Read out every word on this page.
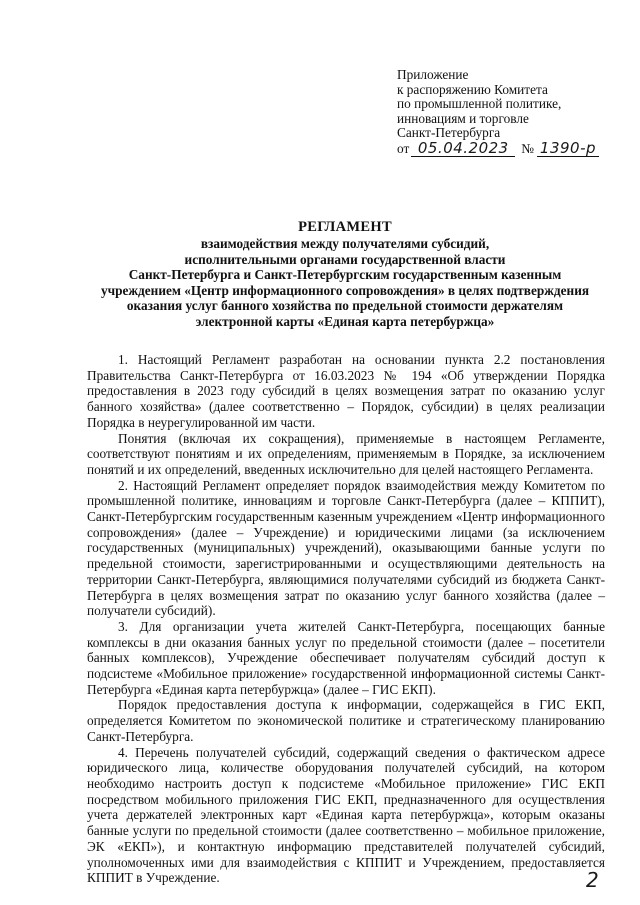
Приложение
к распоряжению Комитета
по промышленной политике,
инновациям и торговле
Санкт-Петербурга
от 05.04.2023 № 1390-р
РЕГЛАМЕНТ
взаимодействия между получателями субсидий,
исполнительными органами государственной власти
Санкт-Петербурга и Санкт-Петербургским государственным казенным
учреждением «Центр информационного сопровождения» в целях подтверждения
оказания услуг банного хозяйства по предельной стоимости держателям
электронной карты «Единая карта петербуржца»

1. Настоящий Регламент разработан на основании пункта 2.2 постановления Правительства Санкт-Петербурга от 16.03.2023 № 194 «Об утверждении Порядка предоставления в 2023 году субсидий в целях возмещения затрат по оказанию услуг банного хозяйства» (далее соответственно – Порядок, субсидии) в целях реализации Порядка в неурегулированной им части.

Понятия (включая их сокращения), применяемые в настоящем Регламенте, соответствуют понятиям и их определениям, применяемым в Порядке, за исключением понятий и их определений, введенных исключительно для целей настоящего Регламента.

2. Настоящий Регламент определяет порядок взаимодействия между Комитетом по промышленной политике, инновациям и торговле Санкт-Петербурга (далее – КППИТ), Санкт-Петербургским государственным казенным учреждением «Центр информационного сопровождения» (далее – Учреждение) и юридическими лицами (за исключением государственных (муниципальных) учреждений), оказывающими банные услуги по предельной стоимости, зарегистрированными и осуществляющими деятельность на территории Санкт-Петербурга, являющимися получателями субсидий из бюджета Санкт-Петербурга в целях возмещения затрат по оказанию услуг банного хозяйства (далее – получатели субсидий).

3. Для организации учета жителей Санкт-Петербурга, посещающих банные комплексы в дни оказания банных услуг по предельной стоимости (далее – посетители банных комплексов), Учреждение обеспечивает получателям субсидий доступ к подсистеме «Мобильное приложение» государственной информационной системы Санкт-Петербурга «Единая карта петербуржца» (далее – ГИС ЕКП).

Порядок предоставления доступа к информации, содержащейся в ГИС ЕКП, определяется Комитетом по экономической политике и стратегическому планированию Санкт-Петербурга.

4. Перечень получателей субсидий, содержащий сведения о фактическом адресе юридического лица, количестве оборудования получателей субсидий, на котором необходимо настроить доступ к подсистеме «Мобильное приложение» ГИС ЕКП посредством мобильного приложения ГИС ЕКП, предназначенного для осуществления учета держателей электронных карт «Единая карта петербуржца», которым оказаны банные услуги по предельной стоимости (далее соответственно – мобильное приложение, ЭК «ЕКП»), и контактную информацию представителей получателей субсидий, уполномоченных ими для взаимодействия с КППИТ и Учреждением, предоставляется КППИТ в Учреждение.	2
